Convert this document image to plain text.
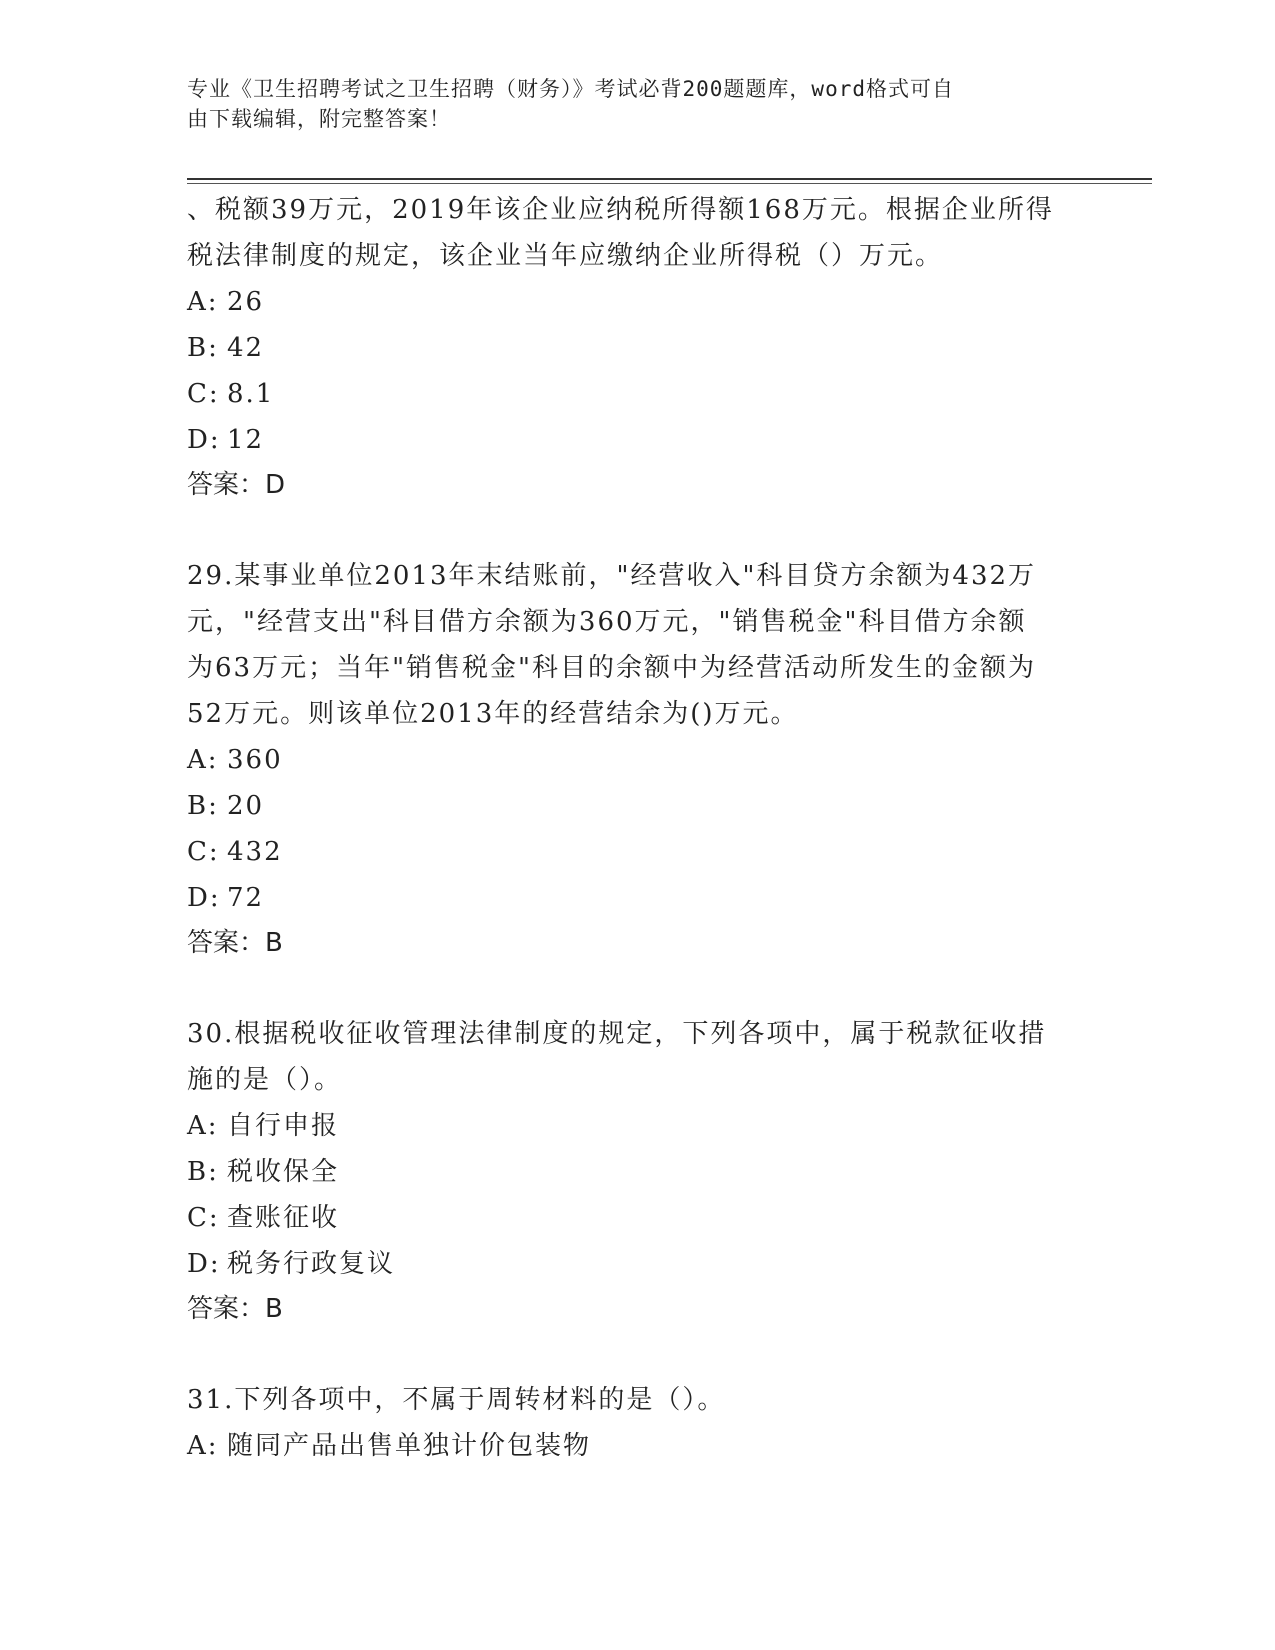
专业《卫生招聘考试之卫生招聘（财务）》考试必背200题题库，word格式可自
由下载编辑，附完整答案！

、税额39万元，2019年该企业应纳税所得额168万元。根据企业所得

税法律制度的规定，该企业当年应缴纳企业所得税（）万元。

A: 26

B: 42

C: 8.1

D: 12

答案：D

29.某事业单位2013年末结账前，"经营收入"科目贷方余额为432万

元，"经营支出"科目借方余额为360万元，"销售税金"科目借方余额

为63万元；当年"销售税金"科目的余额中为经营活动所发生的金额为

52万元。则该单位2013年的经营结余为()万元。

A: 360

B: 20

C: 432

D: 72

答案：B

30.根据税收征收管理法律制度的规定，下列各项中，属于税款征收措

施的是（）。

A: 自行申报

B: 税收保全

C: 查账征收

D: 税务行政复议

答案：B

31.下列各项中，不属于周转材料的是（）。

A: 随同产品出售单独计价包装物
